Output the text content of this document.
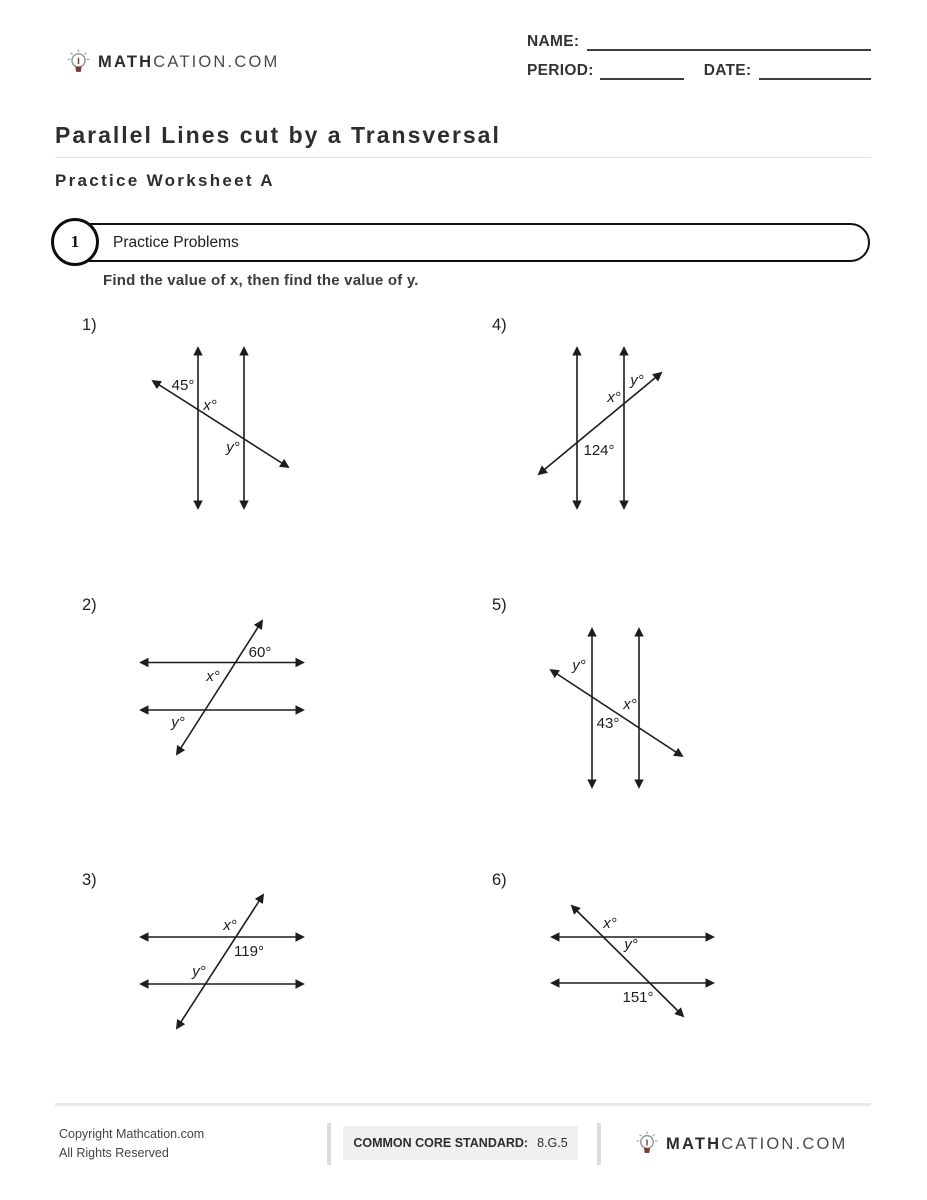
MATHCATION.COM
NAME:
PERIOD:	DATE:
Parallel Lines cut by a Transversal
Practice Worksheet A
1	Practice Problems
Find the value of x, then find the value of y.
1)
45°
x°
y°
4)
y°
x°
124°
2)
60°
x°
y°
5)
y°
x°
43°
3)
x°
119°
y°
6)
x°
y°
151°
Copyright Mathcation.com
All Rights Reserved
COMMON CORE STANDARD: 8.G.5	MATHCATION.COM
